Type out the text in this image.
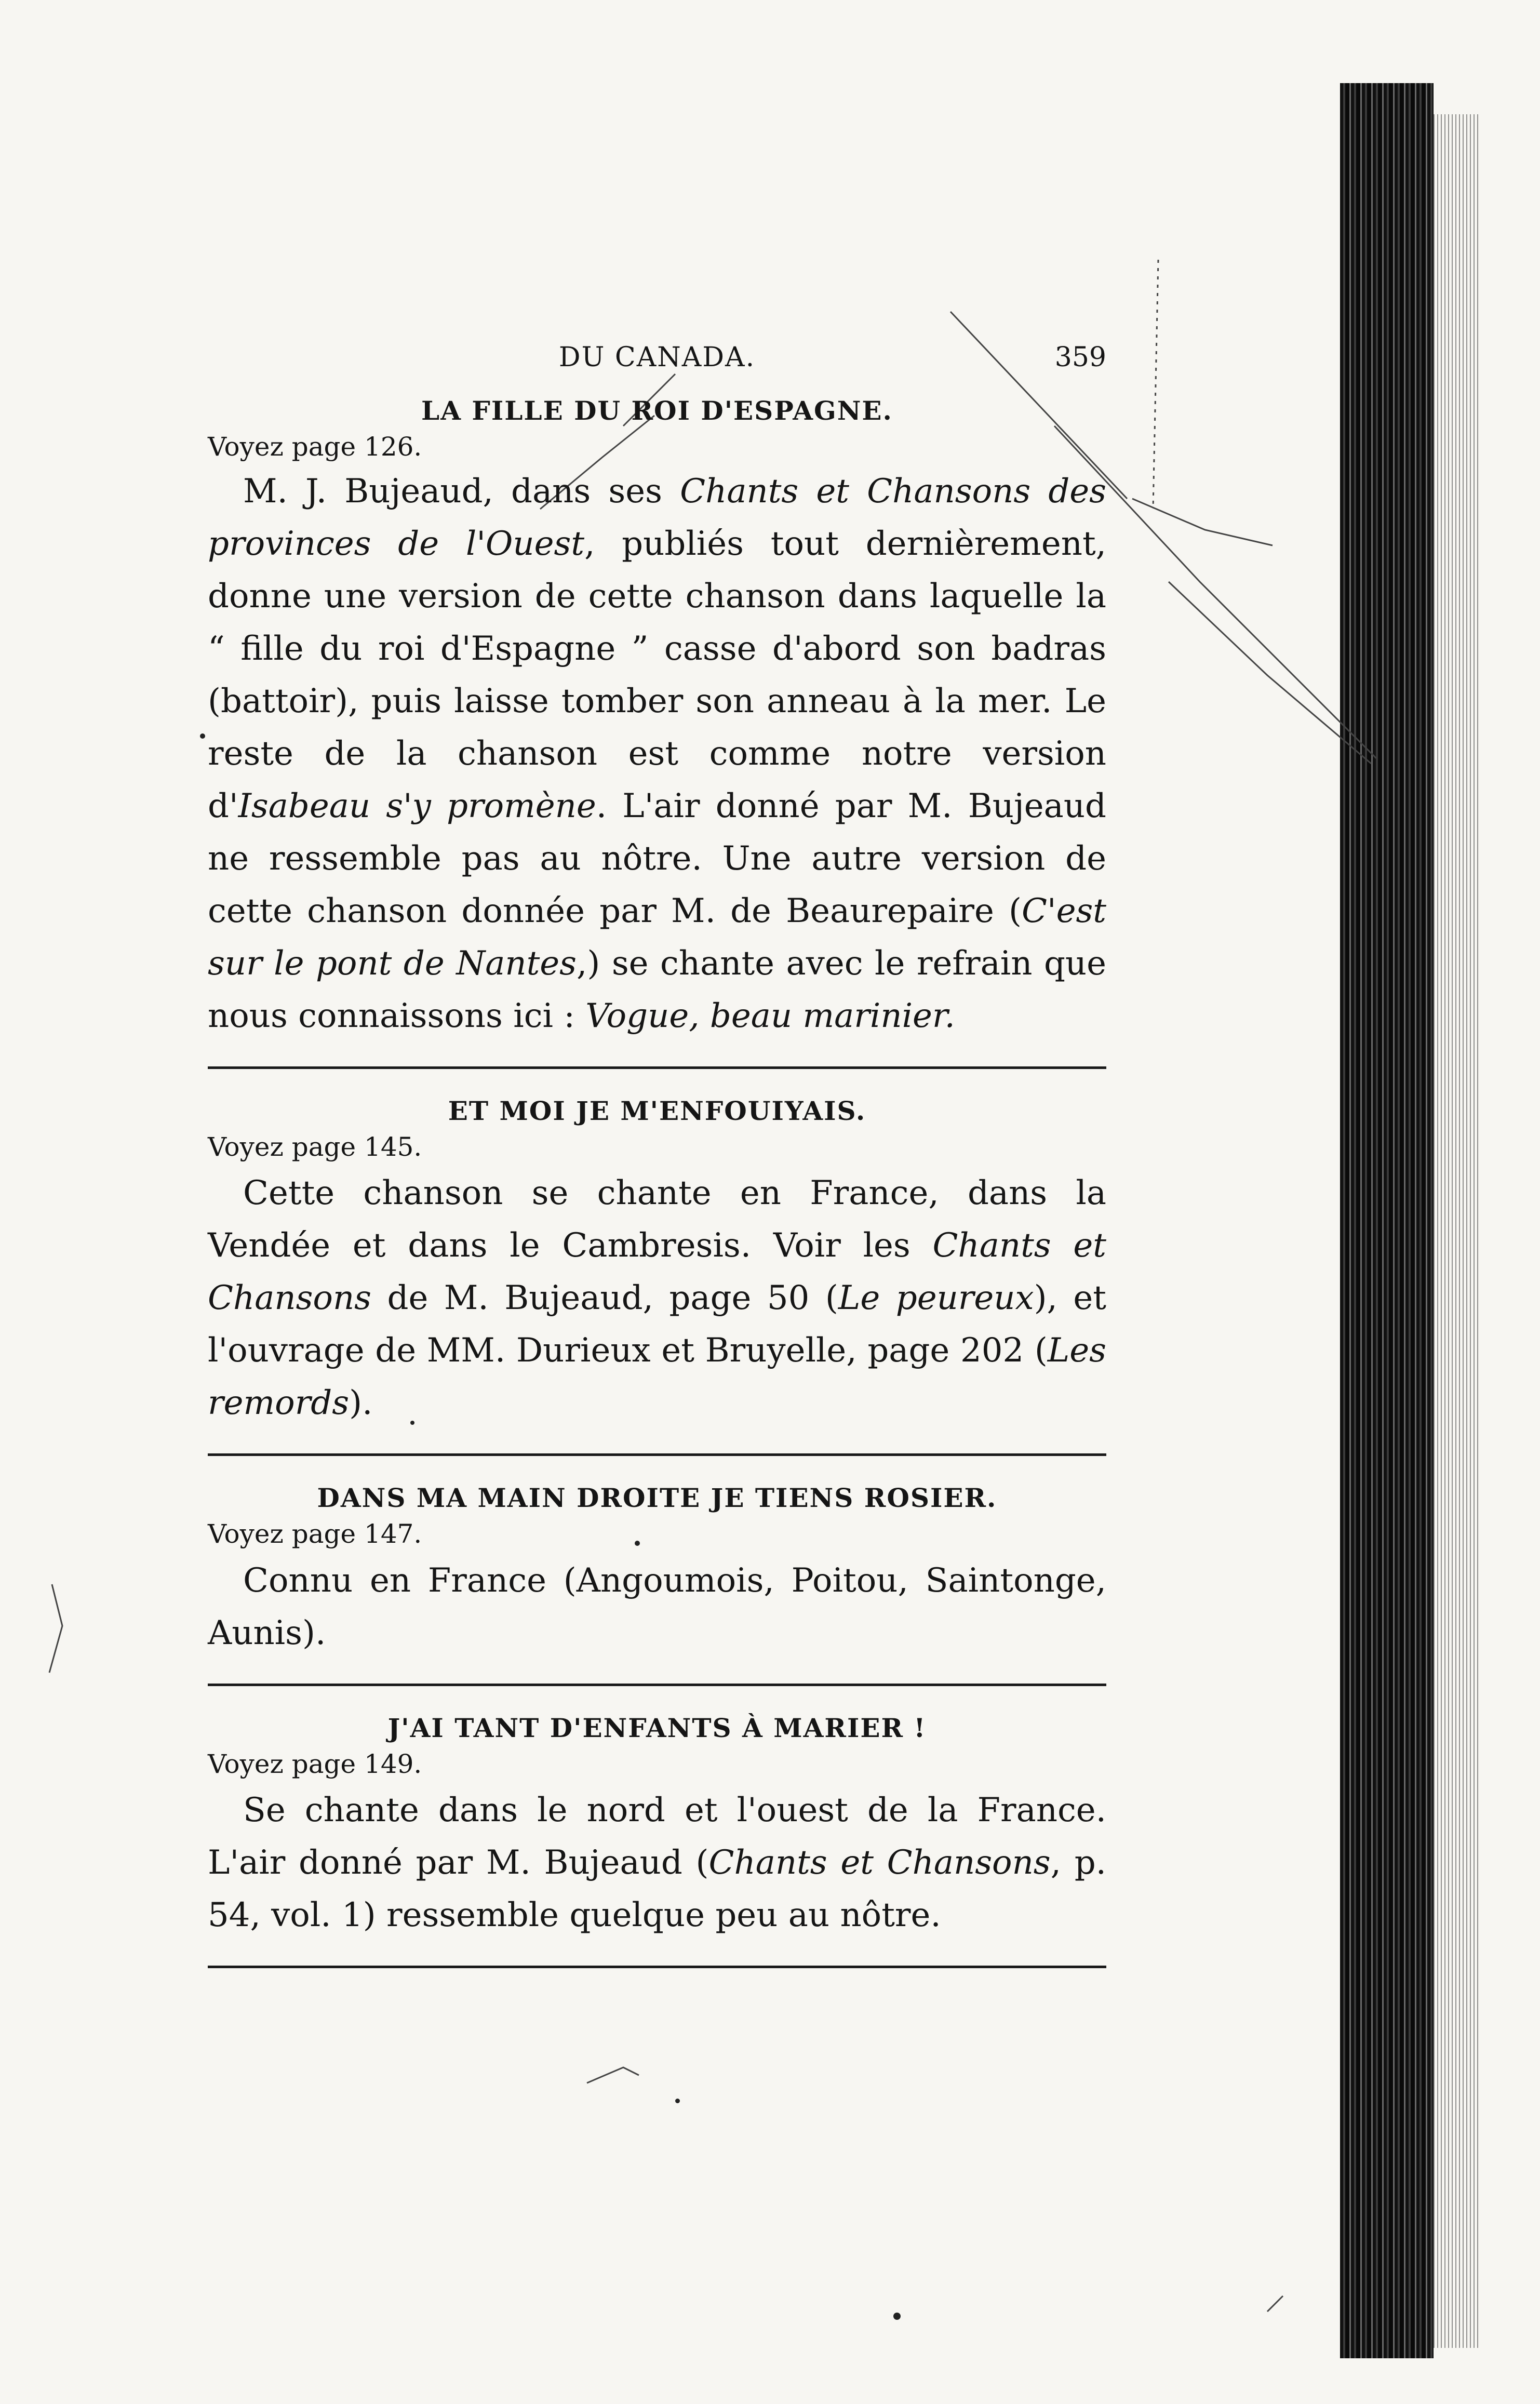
DU CANADA.	359
LA FILLE DU ROI D'ESPAGNE.
Voyez page 126.

M. J. Bujeaud, dans ses Chants et Chansons des provinces de l'Ouest, publiés tout dernièrement, donne une version de cette chanson dans laquelle la “ fille du roi d'Espagne ” casse d'abord son badras (battoir), puis laisse tomber son anneau à la mer. Le reste de la chanson est comme notre version d'Isabeau s'y promène. L'air donné par M. Bujeaud ne ressemble pas au nôtre. Une autre version de cette chanson donnée par M. de Beaurepaire (C'est sur le pont de Nantes,) se chante avec le refrain que nous connaissons ici : Vogue, beau marinier.

ET MOI JE M'ENFOUIYAIS.
Voyez page 145.

Cette chanson se chante en France, dans la Vendée et dans le Cambresis. Voir les Chants et Chansons de M. Bujeaud, page 50 (Le peureux), et l'ouvrage de MM. Durieux et Bruyelle, page 202 (Les remords).

DANS MA MAIN DROITE JE TIENS ROSIER.
Voyez page 147.

Connu en France (Angoumois, Poitou, Saintonge, Aunis).

J'AI TANT D'ENFANTS À MARIER !
Voyez page 149.

Se chante dans le nord et l'ouest de la France. L'air donné par M. Bujeaud (Chants et Chansons, p. 54, vol. 1) ressemble quelque peu au nôtre.
